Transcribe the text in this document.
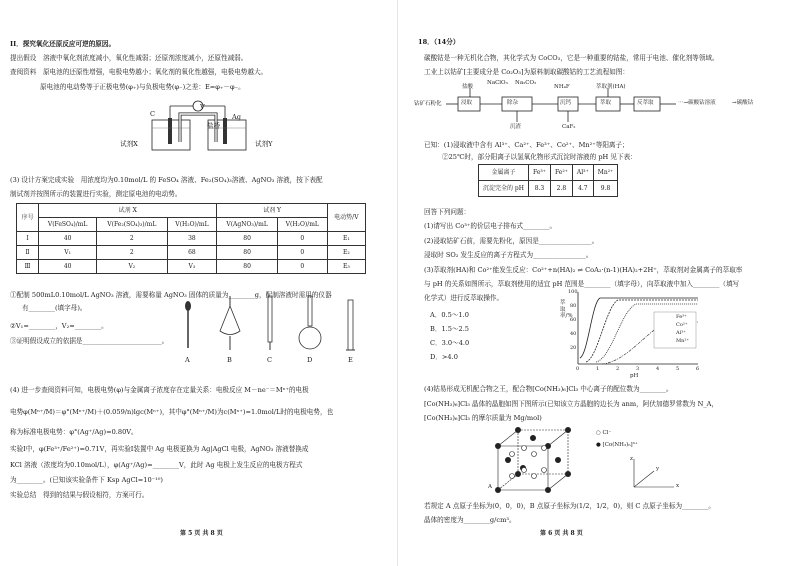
II．探究氧化还原反应可逆的原因。
提出假设　溶液中氧化剂浓度减小，氧化性减弱；还原剂浓度减小，还原性减弱。
查阅资料　原电池的还原性增强，电极电势越小；氧化剂的氧化性越强，电极电势越大。
原电池的电动势等于正极电势(φ₊)与负极电势(φ₋)之差：E=φ₊－φ₋。
C
V
Ag
盐桥
试剂X	试剂Y
(3) 设计方案完成实验　用浓度均为0.10mol/L 的 FeSO₄ 溶液、Fe₂(SO₄)₃溶液、AgNO₃ 溶液，按下表配
制试剂并按图所示的装置进行实验，测定原电池的电动势。
序号	试剂 X			试剂 Y		电动势/V
	V(FeSO₄)/mL	V(Fe₂(SO₄)₃)/mL	V(H₂O)/mL	V(AgNO₃)/mL	V(H₂O)/mL	
Ⅰ	40	2	38	80	0	E₁
Ⅱ	V₁	2	68	80	0	E₂
Ⅲ	40	V₂	V₃	80	0	E₃
①配制 500mL0.10mol/L AgNO₃ 溶液，需要称量 AgNO₃ 固体的质量为________g，配制溶液时需用的仪器
有________(填字母)。
②V₁=________，V₂=________。
③证明假设成立的依据是________________________。
A	B	C	D	E
(4) 进一步查阅资料可知，电极电势(φ)与金属离子浓度存在定量关系：电极反应 M－ne⁻＝Mⁿ⁺的电极
电势φ(Mⁿ⁺/M)＝φ°(Mⁿ⁺/M)＋(0.059/n)lgc(Mⁿ⁺)，其中φ°(Mⁿ⁺/M)为c(Mⁿ⁺)=1.0mol/L时的电极电势，也
称为标准电极电势：φ°(Ag⁺/Ag)=0.80V。
实验Ⅰ中，φ(Fe³⁺/Fe²⁺)=0.71V，再实验Ⅰ装置中 Ag 电极更换为 Ag|AgCl 电极，AgNO₃ 溶液替换成
KCl 溶液（浓度均为0.10mol/L），φ(Ag⁺/Ag)=________V，此时 Ag 电极上发生反应的电极方程式
为________。(已知该实验条件下 Ksp AgCl=10⁻¹⁰)
实验总结　得到的结果与假设相符，方案可行。
第 5 页 共 8 页
18．（14分）
碳酸钴是一种无机化合物，其化学式为 CoCO₃，它是一种重要的钴盐，常用于电池、催化剂等领域。
工业上以钴矿[主要成分是 Co₂O₃]为原料制取碳酸钴的工艺流程如图：
钴矿石粉化
盐酸
浸取
NaClO₃ Na₂CO₃
除杂
沉渣
NH₄F
沉钙
CaF₂
萃取剂(HA)
萃取	反萃取	⋯→碳酸钴溶液	→碳酸钴
已知：(1)浸取液中含有 Al³⁺、Ca²⁺、Fe³⁺、Co²⁺、Mn²⁺等阳离子；
②25℃时，部分阳离子以氢氧化物形式沉淀时溶液的 pH 见下表：
金属离子	Fe³⁺	Fe²⁺	Al³⁺	Mn²⁺
沉淀完全的 pH	8.3	2.8	4.7	9.8
回答下列问题：
(1)请写出 Co³⁺的价层电子排布式________。
(2)浸取钴矿石前，需要先粉化，原因是________________。
浸取时 SO₂ 发生反应的离子方程式为________________。
(3)萃取剂(HA)和 Co²⁺能发生反应：Co²⁺+n(HA)₂ ⇌ CoA₂·(n-1)(HA)₂+2H⁺，萃取剂对金属离子的萃取率
与 pH 的关系如图所示，萃取剂使用的适宜 pH 范围是________（填字母），向萃取液中加入________（填写
化学式）进行反萃取操作。
A．0.5～1.0
B．1.5～2.5
C．3.0～4.0
D．>4.0
萃取率/%
100
80
60
40
20
0	1	2	3	4	5	6
pH
Fe³⁺
Co²⁺
Al³⁺
Mn²⁺
(4)钴易形成无机配合物之王，配合物[Co(NH₃)₆]Cl₃ 中心离子的配位数为________。
[Co(NH₃)₆]Cl₃ 晶体的晶胞如图下图所示(已知该立方晶胞的边长为 anm，阿伏加德罗常数为 N_A，
[Co(NH₃)₆]Cl₃ 的摩尔质量为 Mg/mol)
A
○ Cl⁻
● [Co(NH₃)₆]³⁺
x
y
z
若规定 A 点原子坐标为(0，0，0)，B 点原子坐标为(1/2，1/2，0)，则 C 点原子坐标为________。
晶体的密度为________g/cm³。
第 6 页 共 8 页
